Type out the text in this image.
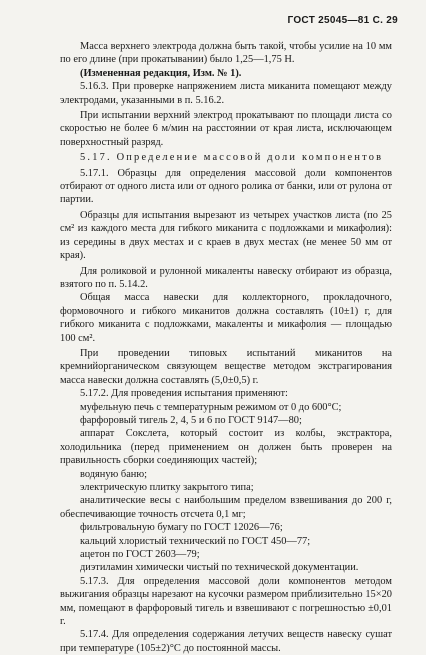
ГОСТ 25045—81 С. 29

Масса верхнего электрода должна быть такой, чтобы усилие на 10 мм по его длине (при прокатывании) было 1,25—1,75 Н.

(Измененная редакция, Изм. № 1).

5.16.3. При проверке напряжением листа миканита помещают между электродами, указанными в п. 5.16.2.

При испытании верхний электрод прокатывают по площади листа со скоростью не более 6 м/мин на расстоянии от края листа, исключающем поверхностный разряд.

5.17. Определение массовой доли компонентов

5.17.1. Образцы для определения массовой доли компонентов отбирают от одного листа или от одного ролика от банки, или от рулона от партии.

Образцы для испытания вырезают из четырех участков листа (по 25 см² из каждого места для гибкого миканита с подложками и микафолия): из середины в двух местах и с краев в двух местах (не менее 50 мм от края).

Для роликовой и рулонной микаленты навеску отбирают из образца, взятого по п. 5.14.2.

Общая масса навески для коллекторного, прокладочного, формовочного и гибкого миканитов должна составлять (10±1) г, для гибкого миканита с подложками, макаленты и микафолия — площадью 100 см².

При проведении типовых испытаний миканитов на кремнийорганическом связующем веществе методом экстрагирования масса навески должна составлять (5,0±0,5) г.

5.17.2. Для проведения испытания применяют:

муфельную печь с температурным режимом от 0 до 600°С;

фарфоровый тигель 2, 4, 5 и 6 по ГОСТ 9147—80;

аппарат Сокслета, который состоит из колбы, экстрактора, холодильника (перед применением он должен быть проверен на правильность сборки соединяющих частей);

водяную баню;

электрическую плитку закрытого типа;

аналитические весы с наибольшим пределом взвешивания до 200 г, обеспечивающие точность отсчета 0,1 мг;

фильтровальную бумагу по ГОСТ 12026—76;

кальций хлористый технический по ГОСТ 450—77;

ацетон по ГОСТ 2603—79;

диэтиламин химически чистый по технической документации.

5.17.3. Для определения массовой доли компонентов методом выжигания образцы нарезают на кусочки размером приблизительно 15×20 мм, помещают в фарфоровый тигель и взвешивают с погрешностью ±0,01 г.

5.17.4. Для определения содержания летучих веществ навеску сушат при температуре (105±2)°С до постоянной массы.
